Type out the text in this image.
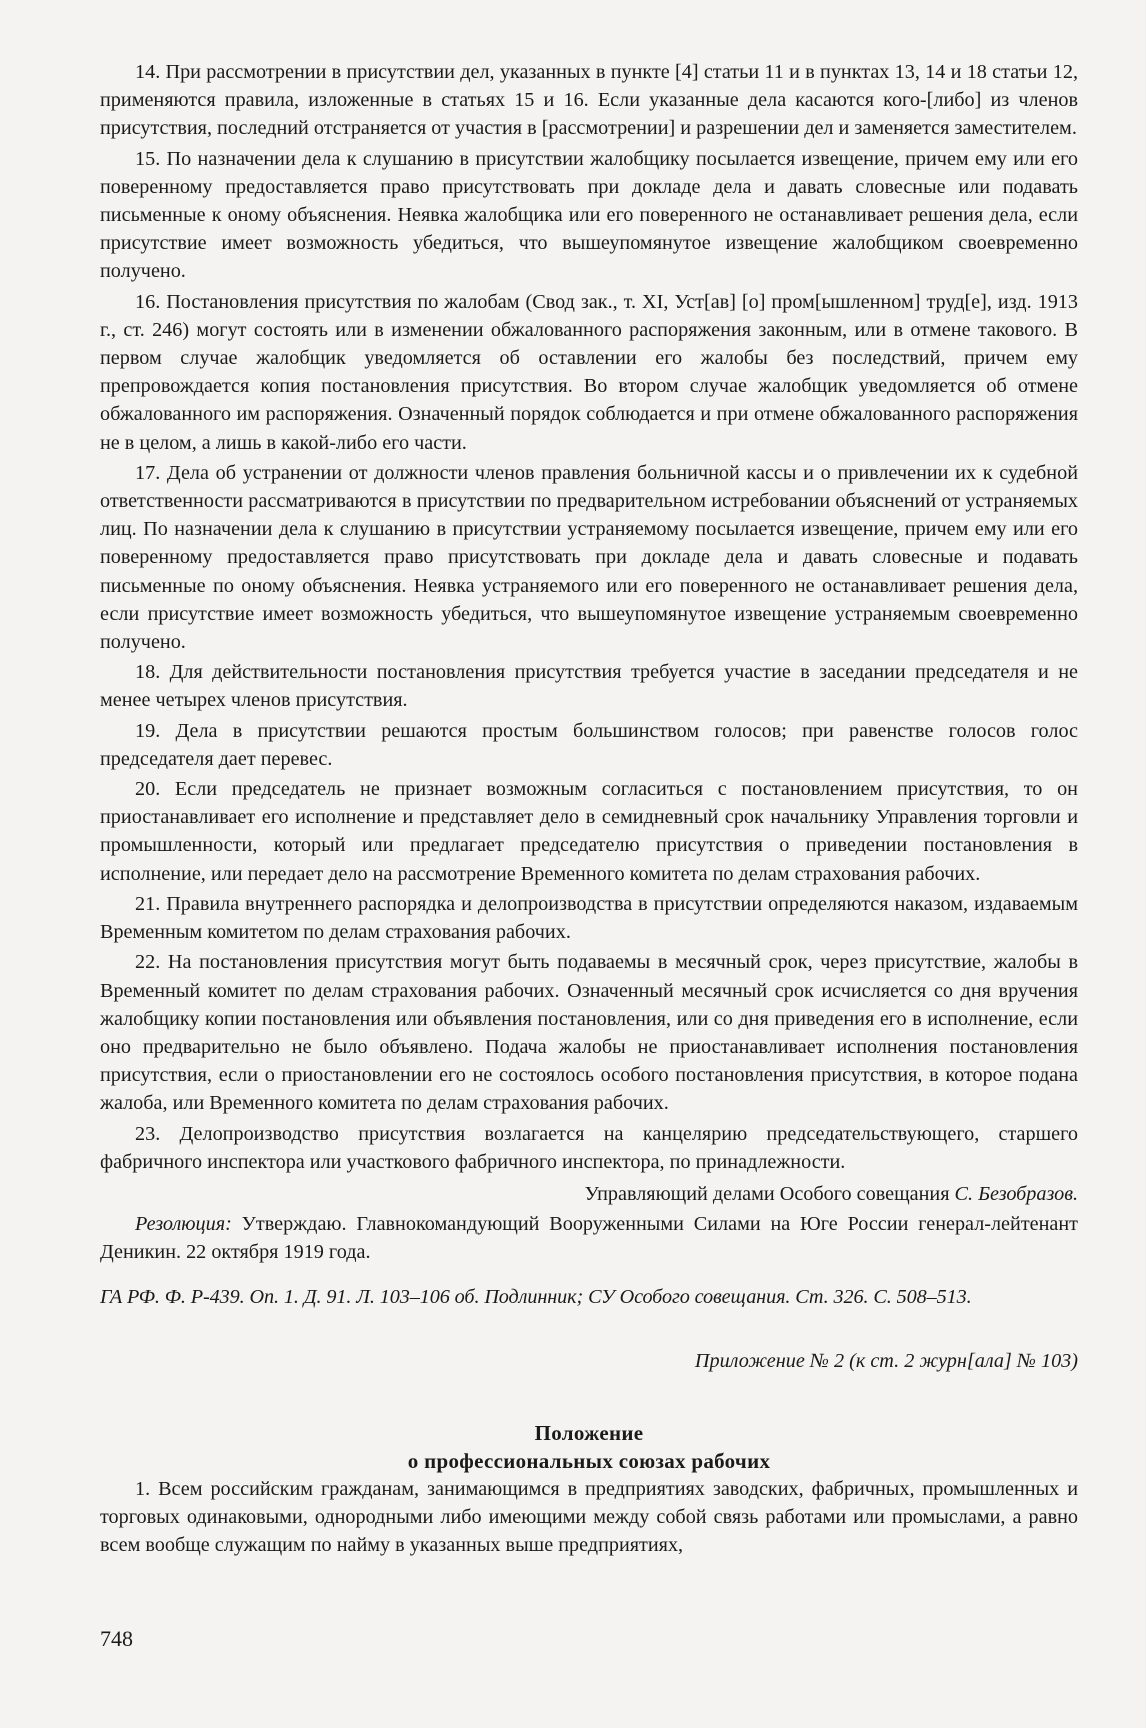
14. При рассмотрении в присутствии дел, указанных в пункте [4] статьи 11 и в пунктах 13, 14 и 18 статьи 12, применяются правила, изложенные в статьях 15 и 16. Если указанные дела касаются кого-[либо] из членов присутствия, последний отстраняется от участия в [рассмотрении] и разрешении дел и заменяется заместителем.

15. По назначении дела к слушанию в присутствии жалобщику посылается извещение, причем ему или его поверенному предоставляется право присутствовать при докладе дела и давать словесные или подавать письменные к оному объяснения. Неявка жалобщика или его поверенного не останавливает решения дела, если присутствие имеет возможность убедиться, что вышеупомянутое извещение жалобщиком своевременно получено.

16. Постановления присутствия по жалобам (Свод зак., т. XI, Уст[ав] [о] пром[ышленном] труд[е], изд. 1913 г., ст. 246) могут состоять или в изменении обжалованного распоряжения законным, или в отмене такового. В первом случае жалобщик уведомляется об оставлении его жалобы без последствий, причем ему препровождается копия постановления присутствия. Во втором случае жалобщик уведомляется об отмене обжалованного им распоряжения. Означенный порядок соблюдается и при отмене обжалованного распоряжения не в целом, а лишь в какой-либо его части.

17. Дела об устранении от должности членов правления больничной кассы и о привлечении их к судебной ответственности рассматриваются в присутствии по предварительном истребовании объяснений от устраняемых лиц. По назначении дела к слушанию в присутствии устраняемому посылается извещение, причем ему или его поверенному предоставляется право присутствовать при докладе дела и давать словесные и подавать письменные по оному объяснения. Неявка устраняемого или его поверенного не останавливает решения дела, если присутствие имеет возможность убедиться, что вышеупомянутое извещение устраняемым своевременно получено.

18. Для действительности постановления присутствия требуется участие в заседании председателя и не менее четырех членов присутствия.

19. Дела в присутствии решаются простым большинством голосов; при равенстве голосов голос председателя дает перевес.

20. Если председатель не признает возможным согласиться с постановлением присутствия, то он приостанавливает его исполнение и представляет дело в семидневный срок начальнику Управления торговли и промышленности, который или предлагает председателю присутствия о приведении постановления в исполнение, или передает дело на рассмотрение Временного комитета по делам страхования рабочих.

21. Правила внутреннего распорядка и делопроизводства в присутствии определяются наказом, издаваемым Временным комитетом по делам страхования рабочих.

22. На постановления присутствия могут быть подаваемы в месячный срок, через присутствие, жалобы в Временный комитет по делам страхования рабочих. Означенный месячный срок исчисляется со дня вручения жалобщику копии постановления или объявления постановления, или со дня приведения его в исполнение, если оно предварительно не было объявлено. Подача жалобы не приостанавливает исполнения постановления присутствия, если о приостановлении его не состоялось особого постановления присутствия, в которое подана жалоба, или Временного комитета по делам страхования рабочих.

23. Делопроизводство присутствия возлагается на канцелярию председательствующего, старшего фабричного инспектора или участкового фабричного инспектора, по принадлежности.

Управляющий делами Особого совещания С. Безобразов.

Резолюция: Утверждаю. Главнокомандующий Вооруженными Силами на Юге России генерал-лейтенант Деникин. 22 октября 1919 года.

ГА РФ. Ф. Р-439. Оп. 1. Д. 91. Л. 103–106 об. Подлинник; СУ Особого совещания. Ст. 326. С. 508–513.

Приложение № 2 (к ст. 2 журн[ала] № 103)

Положение
о профессиональных союзах рабочих

1. Всем российским гражданам, занимающимся в предприятиях заводских, фабричных, промышленных и торговых одинаковыми, однородными либо имеющими между собой связь работами или промыслами, а равно всем вообще служащим по найму в указанных выше предприятиях,

748
